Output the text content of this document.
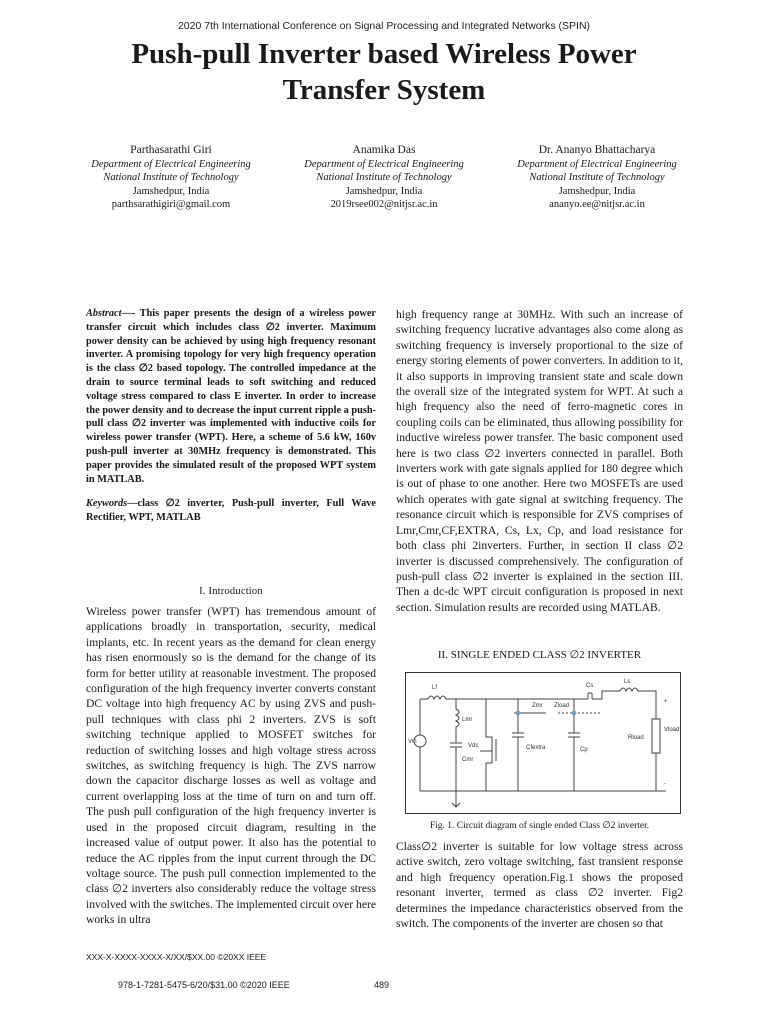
2020 7th International Conference on Signal Processing and Integrated Networks (SPIN)
Push-pull Inverter based Wireless Power
Transfer System
Parthasarathi Giri
Department of Electrical Engineering
National Institute of Technology
Jamshedpur, India
parthsarathigiri@gmail.com
Anamika Das
Department of Electrical Engineering
National Institute of Technology
Jamshedpur, India
2019rsee002@nitjsr.ac.in
Dr. Ananyo Bhattacharya
Department of Electrical Engineering
National Institute of Technology
Jamshedpur, India
ananyo.ee@nitjsr.ac.in
Abstract—- This paper presents the design of a wireless power transfer circuit which includes class ∅2 inverter. Maximum power density can be achieved by using high frequency resonant inverter. A promising topology for very high frequency operation is the class ∅2 based topology. The controlled impedance at the drain to source terminal leads to soft switching and reduced voltage stress compared to class E inverter. In order to increase the power density and to decrease the input current ripple a push-pull class ∅2 inverter was implemented with inductive coils for wireless power transfer (WPT). Here, a scheme of 5.6 kW, 160v push-pull inverter at 30MHz frequency is demonstrated. This paper provides the simulated result of the proposed WPT system in MATLAB.
Keywords—class ∅2 inverter, Push-pull inverter, Full Wave Rectifier, WPT, MATLAB
I. Introduction
Wireless power transfer (WPT) has tremendous amount of applications broadly in transportation, security, medical implants, etc. In recent years as the demand for clean energy has risen enormously so is the demand for the change of its form for better utility at reasonable investment. The proposed configuration of the high frequency inverter converts constant DC voltage into high frequency AC by using ZVS and push-pull techniques with class phi 2 inverters. ZVS is soft switching technique applied to MOSFET switches for reduction of switching losses and high voltage stress across switches, as switching frequency is high. The ZVS narrow down the capacitor discharge losses as well as voltage and current overlapping loss at the time of turn on and turn off. The push pull configuration of the high frequency inverter is used in the proposed circuit diagram, resulting in the increased value of output power. It also has the potential to reduce the AC ripples from the input current through the DC voltage source. The push pull connection implemented to the class ∅2 inverters also considerably reduce the voltage stress involved with the switches. The implemented circuit over here works in ultra
high frequency range at 30MHz. With such an increase of switching frequency lucrative advantages also come along as switching frequency is inversely proportional to the size of energy storing elements of power converters. In addition to it, it also supports in improving transient state and scale down the overall size of the integrated system for WPT. At such a high frequency also the need of ferro-magnetic cores in coupling coils can be eliminated, thus allowing possibility for inductive wireless power transfer. The basic component used here is two class ∅2 inverters connected in parallel. Both inverters work with gate signals applied for 180 degree which is out of phase to one another. Here two MOSFETs are used which operates with gate signal at switching frequency. The resonance circuit which is responsible for ZVS comprises of Lmr,Cmr,CF,EXTRA, Cs, Lx, Cp, and load resistance for both class phi 2inverters. Further, in section II class ∅2 inverter is discussed comprehensively. The configuration of push-pull class ∅2 inverter is explained in the section III. Then a dc-dc WPT circuit configuration is proposed in next section. Simulation results are recorded using MATLAB.
II. SINGLE ENDED CLASS ∅2 INVERTER
Lf
Vin
Lmr
Cmr
Vds
Zmr
Cfextra
Zload
Cs
Ls
Cp
Rload
Vload
+
-
Fig. 1. Circuit diagram of single ended Class ∅2 inverter.
Class∅2 inverter is suitable for low voltage stress across active switch, zero voltage switching, fast transient response and high frequency operation.Fig.1 shows the proposed resonant inverter, termed as class ∅2 inverter. Fig2 determines the impedance characteristics observed from the switch. The components of the inverter are chosen so that
XXX-X-XXXX-XXXX-X/XX/$XX.00 ©20XX IEEE
978-1-7281-5475-6/20/$31.00 ©2020 IEEE	489
